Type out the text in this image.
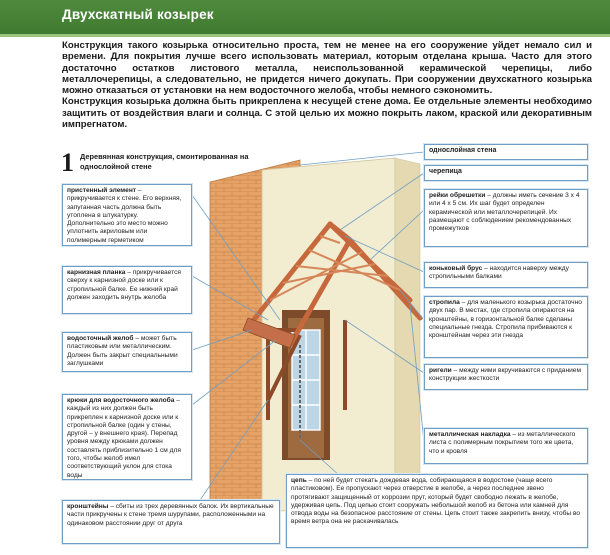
Двухскатный козырек

Конструкция такого козырька относительно проста, тем не менее на его сооружение уйдет немало сил и времени. Для покрытия лучше всего использовать материал, которым отделана крыша. Часто для этого достаточно остатков листового металла, неиспользованной керамической черепицы, либо металлочерепицы, а следовательно, не придется ничего докупать. При сооружении двухскатного козырька можно отказаться от установки на нем водосточного желоба, чтобы немного сэкономить.

Конструкция козырька должна быть прикреплена к несущей стене дома. Ее отдельные элементы необходимо защитить от воздействия влаги и солнца. С этой целью их можно покрыть лаком, краской или декоративным импрегнатом.

1 Деревянная конструкция, смонтированная на однослойной стене
пристенный элемент – прикручивается к стене. Его верхняя, запуганная часть должна быть утоплена в штукатурку. Дополнительно это место можно уплотнить акриловым или полимерным герметиком
карнизная планка – прикручивается сверху к карнизной доске или к стропильной балке. Ее нижний край должен заходить внутрь желоба
водосточный желоб – может быть пластиковым или металлическим. Должен быть закрыт специальными заглушками
крюки для водосточного желоба – каждый из них должен быть прикреплен к карнизной доске или к стропильной балке (один у стены, другой – у внешнего края). Перепад уровня между крюками должен составлять приблизительно 1 см для того, чтобы желоб имел соответствующий уклон для стока воды
кронштейны – сбиты из трех деревянных балок. Их вертикальные части прикручены к стене тремя шурупами, расположенными на одинаковом расстоянии друг от друга
однослойная стена
черепица
рейки обрешетки – должны иметь сечение 3 х 4 или 4 х 5 см. Их шаг будет определен керамической или металлочерепицей. Их размещают с соблюдением рекомендованных промежутков
коньковый брус – находится наверху между стропильными балками
стропила – для маленького козырька достаточно двух пар. В местах, где стропила опираются на кронштейны, в горизонтальной балке сделаны специальные гнезда. Стропила прибиваются к кронштейнам через эти гнезда
ригели – между ними вкручиваются с приданием конструкции жесткости
металлическая накладка – из металлического листа с полимерным покрытием того же цвета, что и кровля
цепь – по ней будет стекать дождевая вода, собирающаяся в водостоке (чаще всего пластиковом). Ее пропускают через отверстие в желобе, а через последнее звено протягивают защищенный от коррозии прут, который будет свободно лежать в желобе, удерживая цепь. Под цепью стоит сооружать небольшой желоб из бетона или камней для отвода воды на безопасное расстояние от стены. Цепь стоит также закрепить внизу, чтобы во время ветра она не раскачивалась
